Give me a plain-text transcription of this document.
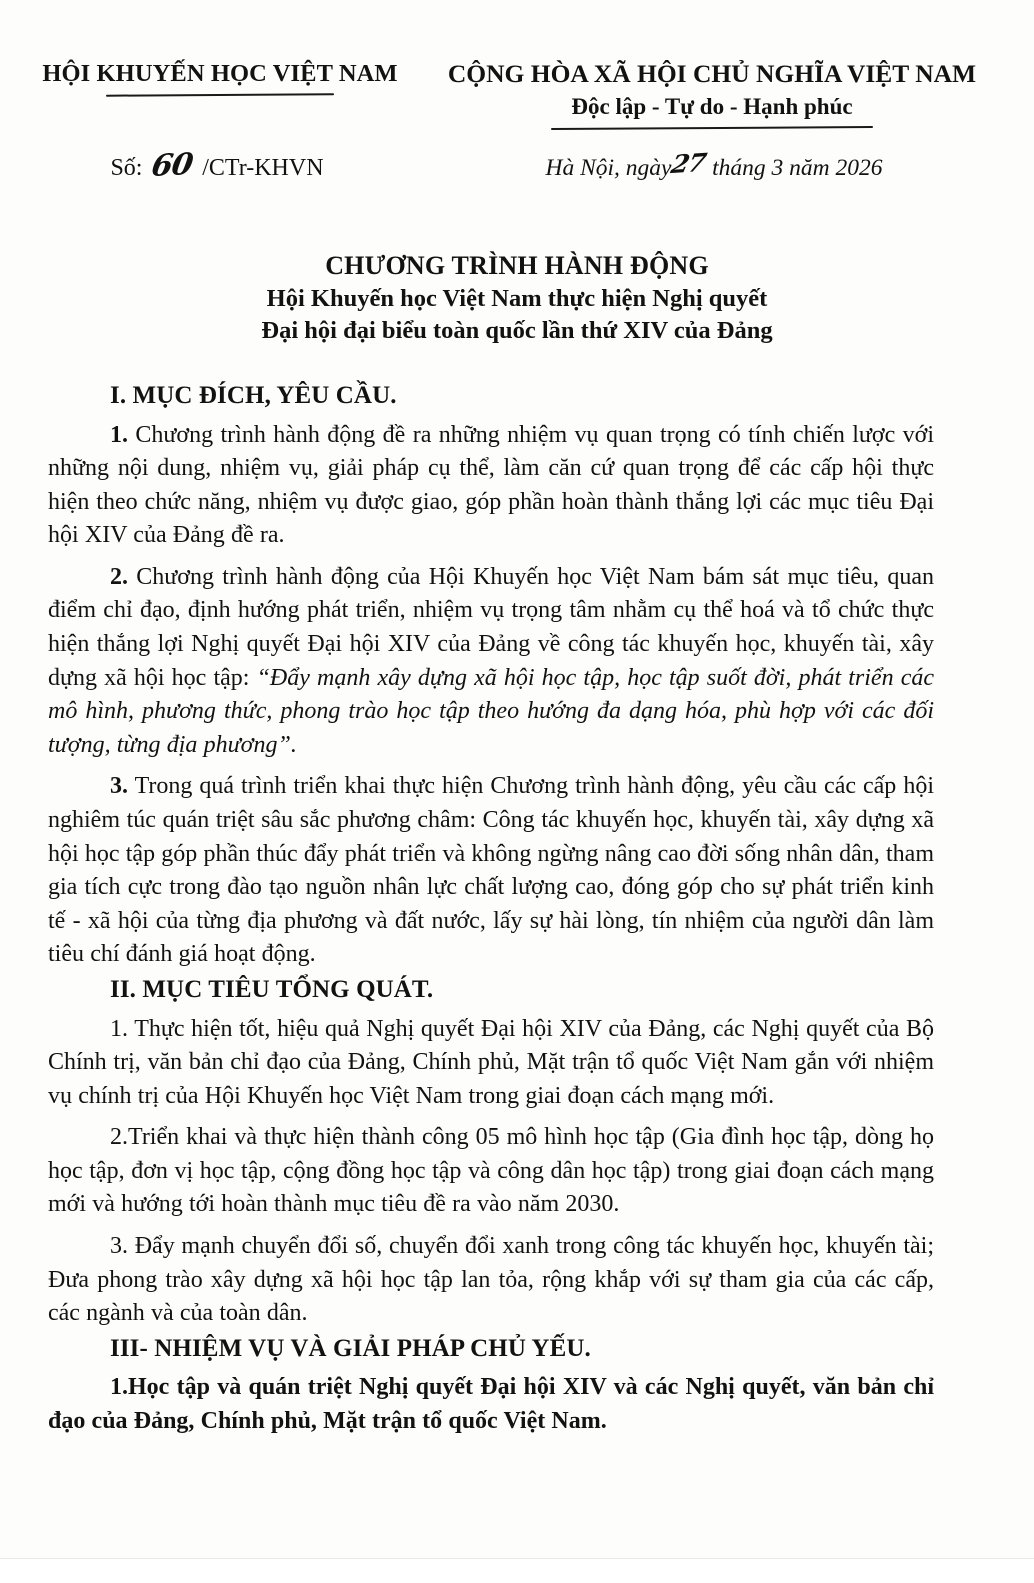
HỘI KHUYẾN HỌC VIỆT NAM	CỘNG HÒA XÃ HỘI CHỦ NGHĨA VIỆT NAM
Độc lập - Tự do - Hạnh phúc
Số: 60 /CTr-KHVN	Hà Nội, ngày27 tháng 3 năm 2026
CHƯƠNG TRÌNH HÀNH ĐỘNG
Hội Khuyến học Việt Nam thực hiện Nghị quyết
Đại hội đại biểu toàn quốc lần thứ XIV của Đảng
I. MỤC ĐÍCH, YÊU CẦU.

1. Chương trình hành động đề ra những nhiệm vụ quan trọng có tính chiến lược với những nội dung, nhiệm vụ, giải pháp cụ thể, làm căn cứ quan trọng để các cấp hội thực hiện theo chức năng, nhiệm vụ được giao, góp phần hoàn thành thắng lợi các mục tiêu Đại hội XIV của Đảng đề ra.

2. Chương trình hành động của Hội Khuyến học Việt Nam bám sát mục tiêu, quan điểm chỉ đạo, định hướng phát triển, nhiệm vụ trọng tâm nhằm cụ thể hoá và tổ chức thực hiện thắng lợi Nghị quyết Đại hội XIV của Đảng về công tác khuyến học, khuyến tài, xây dựng xã hội học tập: “Đẩy mạnh xây dựng xã hội học tập, học tập suốt đời, phát triển các mô hình, phương thức, phong trào học tập theo hướng đa dạng hóa, phù hợp với các đối tượng, từng địa phương”.

3. Trong quá trình triển khai thực hiện Chương trình hành động, yêu cầu các cấp hội nghiêm túc quán triệt sâu sắc phương châm: Công tác khuyến học, khuyến tài, xây dựng xã hội học tập góp phần thúc đẩy phát triển và không ngừng nâng cao đời sống nhân dân, tham gia tích cực trong đào tạo nguồn nhân lực chất lượng cao, đóng góp cho sự phát triển kinh tế - xã hội của từng địa phương và đất nước, lấy sự hài lòng, tín nhiệm của người dân làm tiêu chí đánh giá hoạt động.

II. MỤC TIÊU TỔNG QUÁT.

1. Thực hiện tốt, hiệu quả Nghị quyết Đại hội XIV của Đảng, các Nghị quyết của Bộ Chính trị, văn bản chỉ đạo của Đảng, Chính phủ, Mặt trận tổ quốc Việt Nam gắn với nhiệm vụ chính trị của Hội Khuyến học Việt Nam trong giai đoạn cách mạng mới.

2.Triển khai và thực hiện thành công 05 mô hình học tập (Gia đình học tập, dòng họ học tập, đơn vị học tập, cộng đồng học tập và công dân học tập) trong giai đoạn cách mạng mới và hướng tới hoàn thành mục tiêu đề ra vào năm 2030.

3. Đẩy mạnh chuyển đổi số, chuyển đổi xanh trong công tác khuyến học, khuyến tài; Đưa phong trào xây dựng xã hội học tập lan tỏa, rộng khắp với sự tham gia của các cấp, các ngành và của toàn dân.

III- NHIỆM VỤ VÀ GIẢI PHÁP CHỦ YẾU.

1.Học tập và quán triệt Nghị quyết Đại hội XIV và các Nghị quyết, văn bản chỉ đạo của Đảng, Chính phủ, Mặt trận tổ quốc Việt Nam.
